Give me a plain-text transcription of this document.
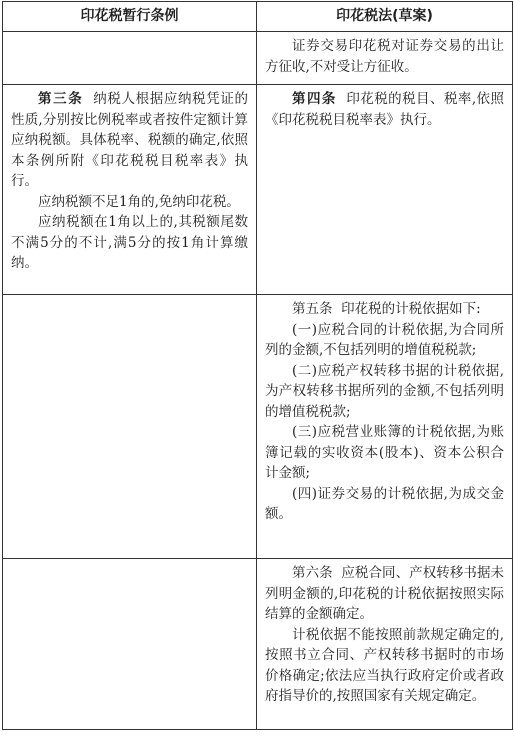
印花税暂行条例	印花税法(草案)

	证券交易印花税对证券交易的出让方征收,不对受让方征收。

第三条 纳税人根据应纳税凭证的性质,分别按比例税率或者按件定额计算应纳税额。具体税率、税额的确定,依照本条例所附《印花税税目税率表》执行。

应纳税额不足1角的,免纳印花税。

应纳税额在1角以上的,其税额尾数不满5分的不计,满5分的按1角计算缴纳。	第四条 印花税的税目、税率,依照《印花税税目税率表》执行。

	第五条 印花税的计税依据如下:

(一)应税合同的计税依据,为合同所列的金额,不包括列明的增值税税款;

(二)应税产权转移书据的计税依据,为产权转移书据所列的金额,不包括列明的增值税税款;

(三)应税营业账簿的计税依据,为账簿记载的实收资本(股本)、资本公积合计金额;

(四)证券交易的计税依据,为成交金额。

	第六条 应税合同、产权转移书据未列明金额的,印花税的计税依据按照实际结算的金额确定。

计税依据不能按照前款规定确定的,按照书立合同、产权转移书据时的市场价格确定;依法应当执行政府定价或者政府指导价的,按照国家有关规定确定。
